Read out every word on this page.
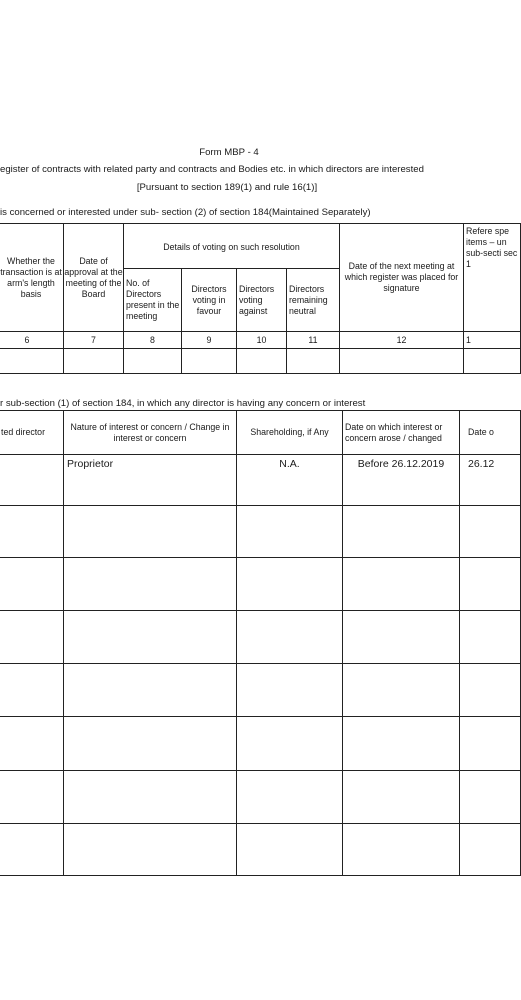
Form MBP - 4
egister of contracts with related party and contracts and Bodies etc. in which directors are interested
[Pursuant to section 189(1) and rule 16(1)]
is concerned or interested under sub- section (2) of section 184(Maintained Separately)
Whether the transaction is at arm's length basis	Date of approval at the meeting of the Board	Details of voting on such resolution				Date of the next meeting at which register was placed for signature	Refere spe items – un sub-secti sec 1
		No. of Directors present in the meeting	Directors voting in favour	Directors voting against	Directors remaining neutral		
6	7	8	9	10	11	12	1

r sub-section (1) of section 184, in which any director is having any concern or interest
ted director	Nature of interest or concern / Change in interest or concern	Shareholding, if Any	Date on which interest or concern arose / changed	Date o
	Proprietor	N.A.	Before 26.12.2019	26.12
